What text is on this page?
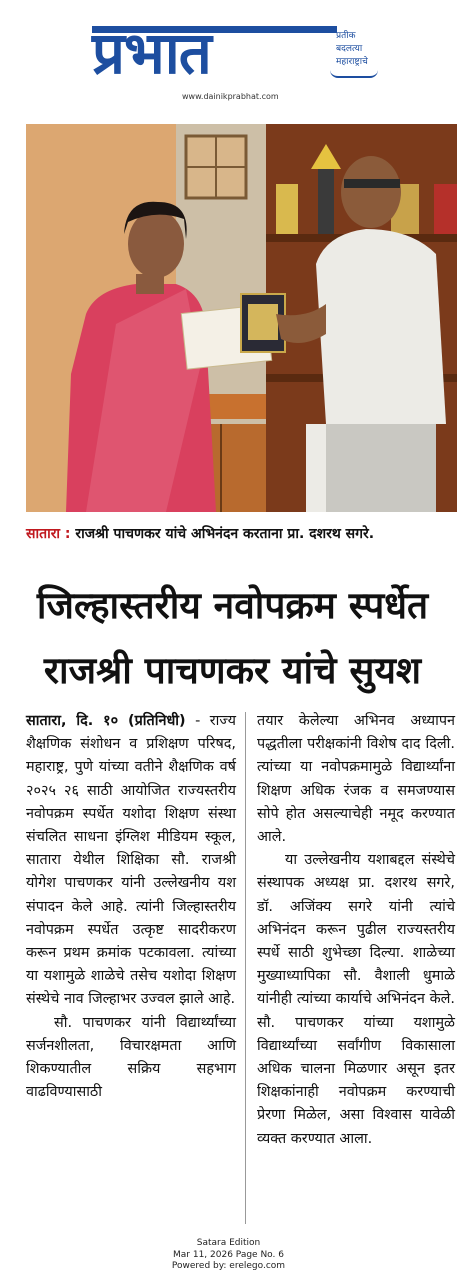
प्रभात	प्रतीक
बदलत्या
महाराष्ट्राचे
www.dainikprabhat.com
सातारा : राजश्री पाचणकर यांचे अभिनंदन करताना प्रा. दशरथ सगरे.
जिल्हास्तरीय नवोपक्रम स्पर्धेत
राजश्री पाचणकर यांचे सुयश

सातारा, दि. १० (प्रतिनिधी) - राज्य शैक्षणिक संशोधन व प्रशिक्षण परिषद, महाराष्ट्र, पुणे यांच्या वतीने शैक्षणिक वर्ष २०२५ २६ साठी आयोजित राज्यस्तरीय नवोपक्रम स्पर्धेत यशोदा शिक्षण संस्था संचलित साधना इंग्लिश मीडियम स्कूल, सातारा येथील शिक्षिका सौ. राजश्री योगेश पाचणकर यांनी उल्लेखनीय यश संपादन केले आहे. त्यांनी जिल्हास्तरीय नवोपक्रम स्पर्धेत उत्कृष्ट सादरीकरण करून प्रथम क्रमांक पटकावला. त्यांच्या या यशामुळे शाळेचे तसेच यशोदा शिक्षण संस्थेचे नाव जिल्हाभर उज्वल झाले आहे.

सौ. पाचणकर यांनी विद्यार्थ्यांच्या सर्जनशीलता, विचारक्षमता आणि शिकण्यातील सक्रिय सहभाग वाढविण्यासाठी

तयार केलेल्या अभिनव अध्यापन पद्धतीला परीक्षकांनी विशेष दाद दिली. त्यांच्या या नवोपक्रमामुळे विद्यार्थ्यांना शिक्षण अधिक रंजक व समजण्यास सोपे होत असल्याचेही नमूद करण्यात आले.

या उल्लेखनीय यशाबद्दल संस्थेचे संस्थापक अध्यक्ष प्रा. दशरथ सगरे, डॉ. अजिंक्य सगरे यांनी त्यांचे अभिनंदन करून पुढील राज्यस्तरीय स्पर्धे साठी शुभेच्छा दिल्या. शाळेच्या मुख्याध्यापिका सौ. वैशाली धुमाळे यांनीही त्यांच्या कार्याचे अभिनंदन केले. सौ. पाचणकर यांच्या यशामुळे विद्यार्थ्यांच्या सर्वांगीण विकासाला अधिक चालना मिळणार असून इतर शिक्षकांनाही नवोपक्रम करण्याची प्रेरणा मिळेल, असा विश्वास यावेळी व्यक्त करण्यात आला.

Satara Edition
Mar 11, 2026 Page No. 6
Powered by: erelego.com
